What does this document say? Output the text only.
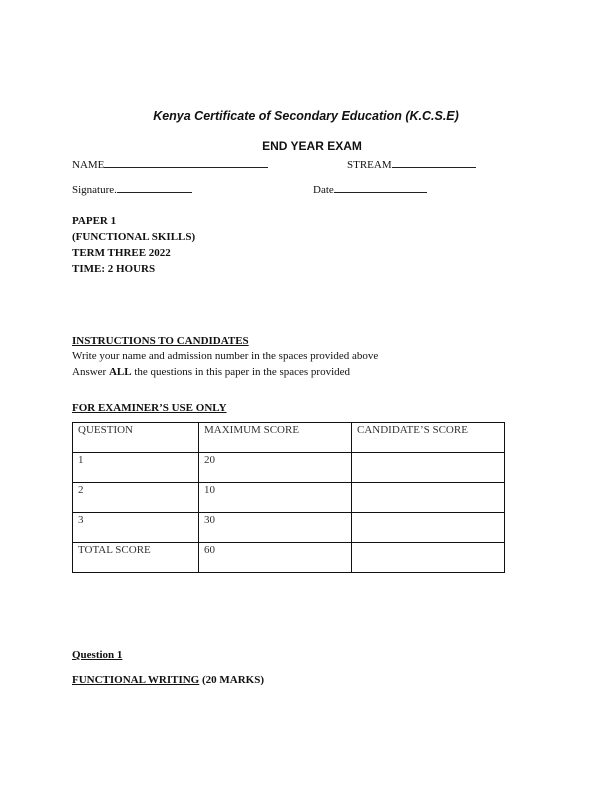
Kenya Certificate of Secondary Education (K.C.S.E)
END YEAR EXAM
NAME	STREAM
Signature.	Date
PAPER 1
(FUNCTIONAL SKILLS)
TERM THREE 2022
TIME: 2 HOURS
INSTRUCTIONS TO CANDIDATES
Write your name and admission number in the spaces provided above
Answer ALL the questions in this paper in the spaces provided
FOR EXAMINER’S USE ONLY
QUESTION	MAXIMUM SCORE	CANDIDATE’S SCORE
1	20	
2	10	
3	30	
TOTAL SCORE	60	
Question 1
FUNCTIONAL WRITING (20 MARKS)
